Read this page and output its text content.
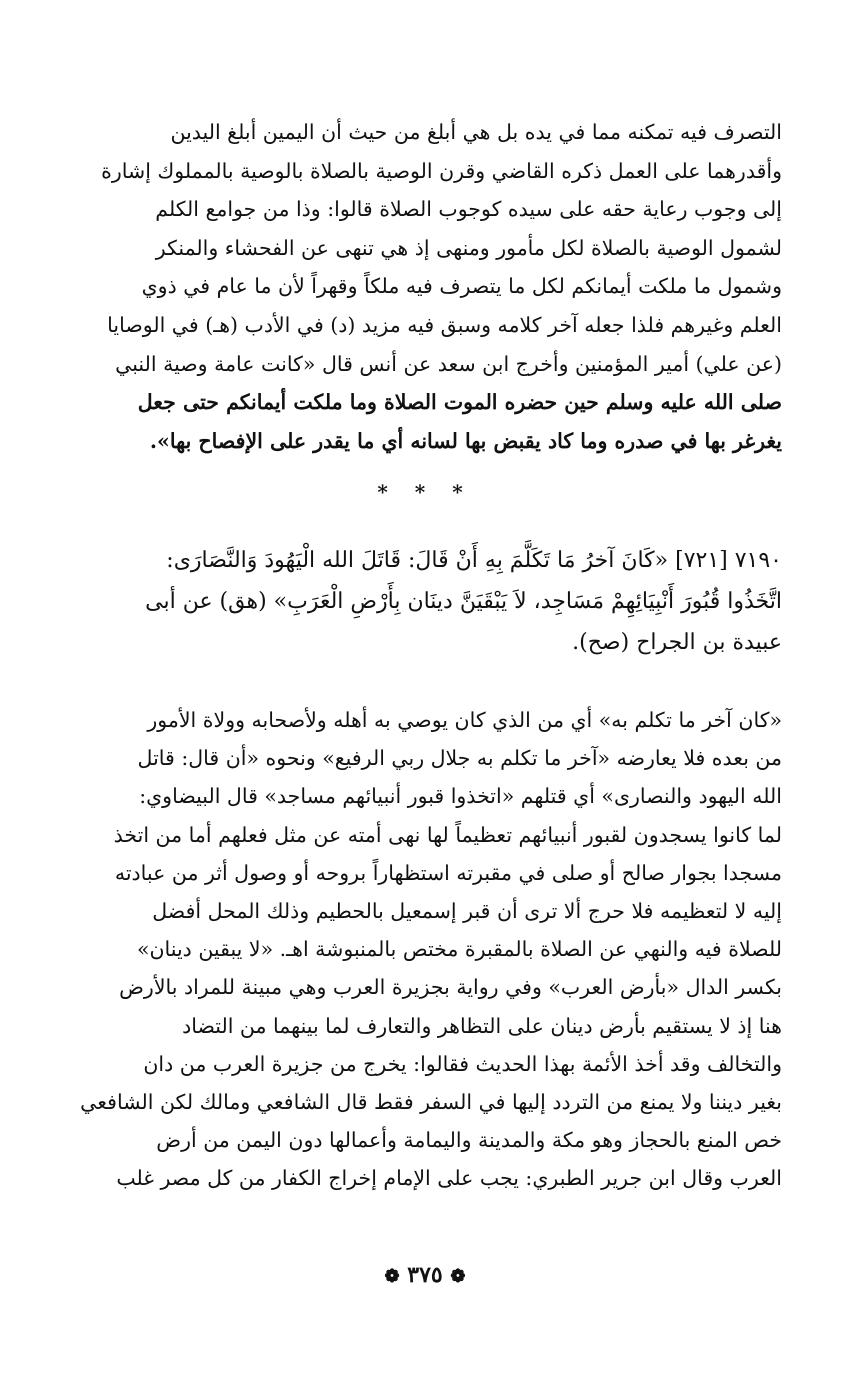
التصرف فيه تمكنه مما في يده بل هي أبلغ من حيث أن اليمين أبلغ اليدين
وأقدرهما على العمل ذكره القاضي وقرن الوصية بالصلاة بالوصية بالمملوك إشارة
إلى وجوب رعاية حقه على سيده كوجوب الصلاة قالوا: وذا من جوامع الكلم
لشمول الوصية بالصلاة لكل مأمور ومنهى إذ هي تنهى عن الفحشاء والمنكر
وشمول ما ملكت أيمانكم لكل ما يتصرف فيه ملكاً وقهراً لأن ما عام في ذوي
العلم وغيرهم فلذا جعله آخر كلامه وسبق فيه مزيد (د) في الأدب (هـ) في الوصايا
(عن علي) أمير المؤمنين وأخرج ابن سعد عن أنس قال «كانت عامة وصية النبي
صلى الله عليه وسلم حين حضره الموت الصلاة وما ملكت أيمانكم حتى جعل
يغرغر بها في صدره وما كاد يقبض بها لسانه أي ما يقدر على الإفصاح بها».
* * *
٧١٩٠ [٧٢١] «كَانَ آخرُ مَا تَكَلَّمَ بِهِ أَنْ قَالَ: قَاتَلَ الله الْيَهُودَ وَالنَّصَارَى:
اتَّخَذُوا قُبُورَ أَنْبِيَائِهِمْ مَسَاجِد، لاَ يَبْقَيَنَّ دينَان بِأَرْضِ الْعَرَبِ» (هق) عن أبى
عبيدة بن الجراح (صح).
«كان آخر ما تكلم به» أي من الذي كان يوصي به أهله ولأصحابه وولاة الأمور
من بعده فلا يعارضه «آخر ما تكلم به جلال ربي الرفيع» ونحوه «أن قال: قاتل
الله اليهود والنصارى» أي قتلهم «اتخذوا قبور أنبيائهم مساجد» قال البيضاوي:
لما كانوا يسجدون لقبور أنبيائهم تعظيماً لها نهى أمته عن مثل فعلهم أما من اتخذ
مسجدا بجوار صالح أو صلى في مقبرته استظهاراً بروحه أو وصول أثر من عبادته
إليه لا لتعظيمه فلا حرج ألا ترى أن قبر إسمعيل بالحطيم وذلك المحل أفضل
للصلاة فيه والنهي عن الصلاة بالمقبرة مختص بالمنبوشة اهـ. «لا يبقين دينان»
بكسر الدال «بأرض العرب» وفي رواية بجزيرة العرب وهي مبينة للمراد بالأرض
هنا إذ لا يستقيم بأرض دينان على التظاهر والتعارف لما بينهما من التضاد
والتخالف وقد أخذ الأئمة بهذا الحديث فقالوا: يخرج من جزيرة العرب من دان
بغير ديننا ولا يمنع من التردد إليها في السفر فقط قال الشافعي ومالك لكن الشافعي
خص المنع بالحجاز وهو مكة والمدينة واليمامة وأعمالها دون اليمن من أرض
العرب وقال ابن جرير الطبري: يجب على الإمام إخراج الكفار من كل مصر غلب
❁ ٣٧٥ ❁
